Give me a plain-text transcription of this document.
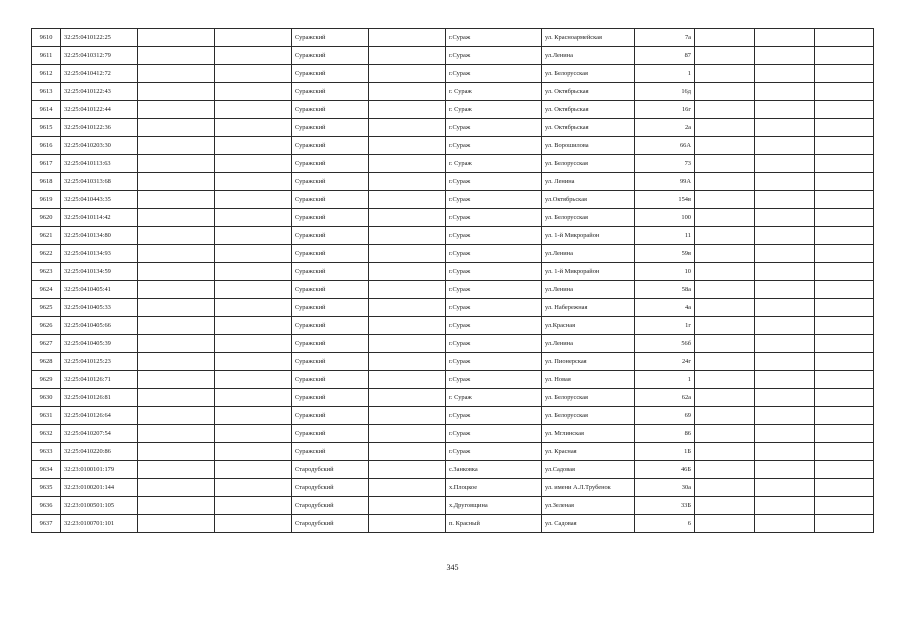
9610	32:25:0410122:25			Суражский		г.Сураж	ул. Красноармейская	7а			
9611	32:25:0410312:79			Суражский		г.Сураж	ул.Ленина	87			
9612	32:25:0410412:72			Суражский		г.Сураж	ул. Белорусская	1			
9613	32:25:0410122:43			Суражский		г. Сураж	ул. Октябрьская	16д			
9614	32:25:0410122:44			Суражский		г. Сураж	ул. Октябрьская	16г			
9615	32:25:0410122:36			Суражский		г.Сураж	ул. Октябрьская	2а			
9616	32:25:0410203:30			Суражский		г.Сураж	ул. Ворошилова	66А			
9617	32:25:0410113:63			Суражский		г. Сураж	ул. Белорусская	73			
9618	32:25:0410313:68			Суражский		г.Сураж	ул. Ленина	99А			
9619	32:25:0410443:35			Суражский		г.Сураж	ул.Октябрьская	154в			
9620	32:25:0410114:42			Суражский		г.Сураж	ул. Белорусская	100			
9621	32:25:0410134:80			Суражский		г.Сураж	ул. 1-й Микрорайон	11			
9622	32:25:0410134:93			Суражский		г.Сураж	ул.Ленина	59в			
9623	32:25:0410134:59			Суражский		г.Сураж	ул. 1-й Микрорайон	10			
9624	32:25:0410405:41			Суражский		г.Сураж	ул.Ленина	58а			
9625	32:25:0410405:33			Суражский		г.Сураж	ул. Набережная	4а			
9626	32:25:0410405:66			Суражский		г.Сураж	ул.Красная	1г			
9627	32:25:0410405:39			Суражский		г.Сураж	ул.Ленина	56б			
9628	32:25:0410125:23			Суражский		г.Сураж	ул. Пионерская	24г			
9629	32:25:0410126:71			Суражский		г.Сураж	ул. Новая	1			
9630	32:25:0410126:81			Суражский		г. Сураж	ул. Белорусская	62а			
9631	32:25:0410126:64			Суражский		г.Сураж	ул. Белорусская	69			
9632	32:25:0410207:54			Суражский		г.Сураж	ул. Мглинская	86			
9633	32:25:0410220:86			Суражский		г.Сураж	ул. Красная	1Б			
9634	32:23:0100101:179			Стародубский		с.Занковка	ул.Садовая	46Б			
9635	32:23:0100201:144			Стародубский		х.Плоцкое	ул. имени А.Л.Трубенок	30а			
9636	32:23:0100501:105			Стародубский		х.Друговщина	ул.Зеленая	33Б			
9637	32:23:0100701:101			Стародубский		п. Красный	ул. Садовая	6			
345
